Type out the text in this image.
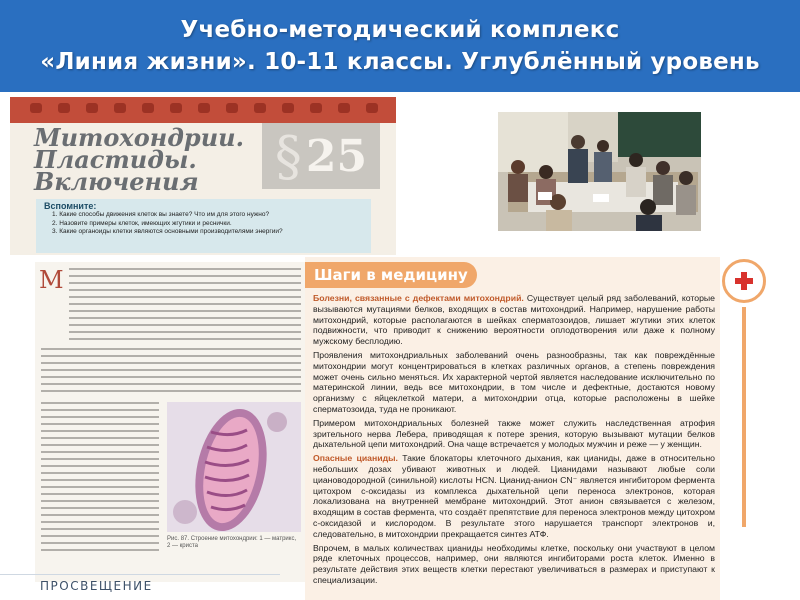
Учебно-методический комплекс
«Линия жизни». 10-11 классы. Углублённый уровень
Митохондрии.
Пластиды.
Включения	§ 25
Вспомните:
1. Какие способы движения клеток вы знаете? Что им для этого нужно?
2. Назовите примеры клеток, имеющих жгутики и реснички.
3. Какие органоиды клетки являются основными производителями энергии?
М
Рис. 87. Строение митохондрии: 1 — матрикс, 2 — криста
Шаги в медицину

Болезни, связанные с дефектами митохондрий. Существует целый ряд заболеваний, которые вызываются мутациями белков, входящих в состав митохондрий. Например, нарушение работы митохондрий, которые располагаются в шейках сперматозоидов, лишает жгутики этих клеток подвижности, что приводит к снижению вероятности оплодотворения или даже к полному мужскому бесплодию.

Проявления митохондриальных заболеваний очень разнообразны, так как повреждённые митохондрии могут концентрироваться в клетках различных органов, а степень повреждения может очень сильно меняться. Их характерной чертой является наследование исключительно по материнской линии, ведь все митохондрии, в том числе и дефектные, достаются новому организму с яйцеклеткой матери, а митохондрии отца, которые расположены в шейке сперматозоида, туда не проникают.

Примером митохондриальных болезней также может служить наследственная атрофия зрительного нерва Лебера, приводящая к потере зрения, которую вызывают мутации белков дыхательной цепи митохондрий. Она чаще встречается у молодых мужчин и реже — у женщин.

Опасные цианиды. Такие блокаторы клеточного дыхания, как цианиды, даже в относительно небольших дозах убивают животных и людей. Цианидами называют любые соли циановодородной (синильной) кислоты HCN. Цианид-анион CN⁻ является ингибитором фермента цитохром с-оксидазы из комплекса дыхательной цепи переноса электронов, которая локализована на внутренней мембране митохондрий. Этот анион связывается с железом, входящим в состав фермента, что создаёт препятствие для переноса электронов между цитохром с-оксидазой и кислородом. В результате этого нарушается транспорт электронов и, следовательно, в митохондрии прекращается синтез АТФ.

Впрочем, в малых количествах цианиды необходимы клетке, поскольку они участвуют в целом ряде клеточных процессов, например, они являются ингибиторами роста клеток. Именно в результате действия этих веществ клетки перестают увеличиваться в размерах и приступают к специализации.

ПРОСВЕЩЕНИЕ
